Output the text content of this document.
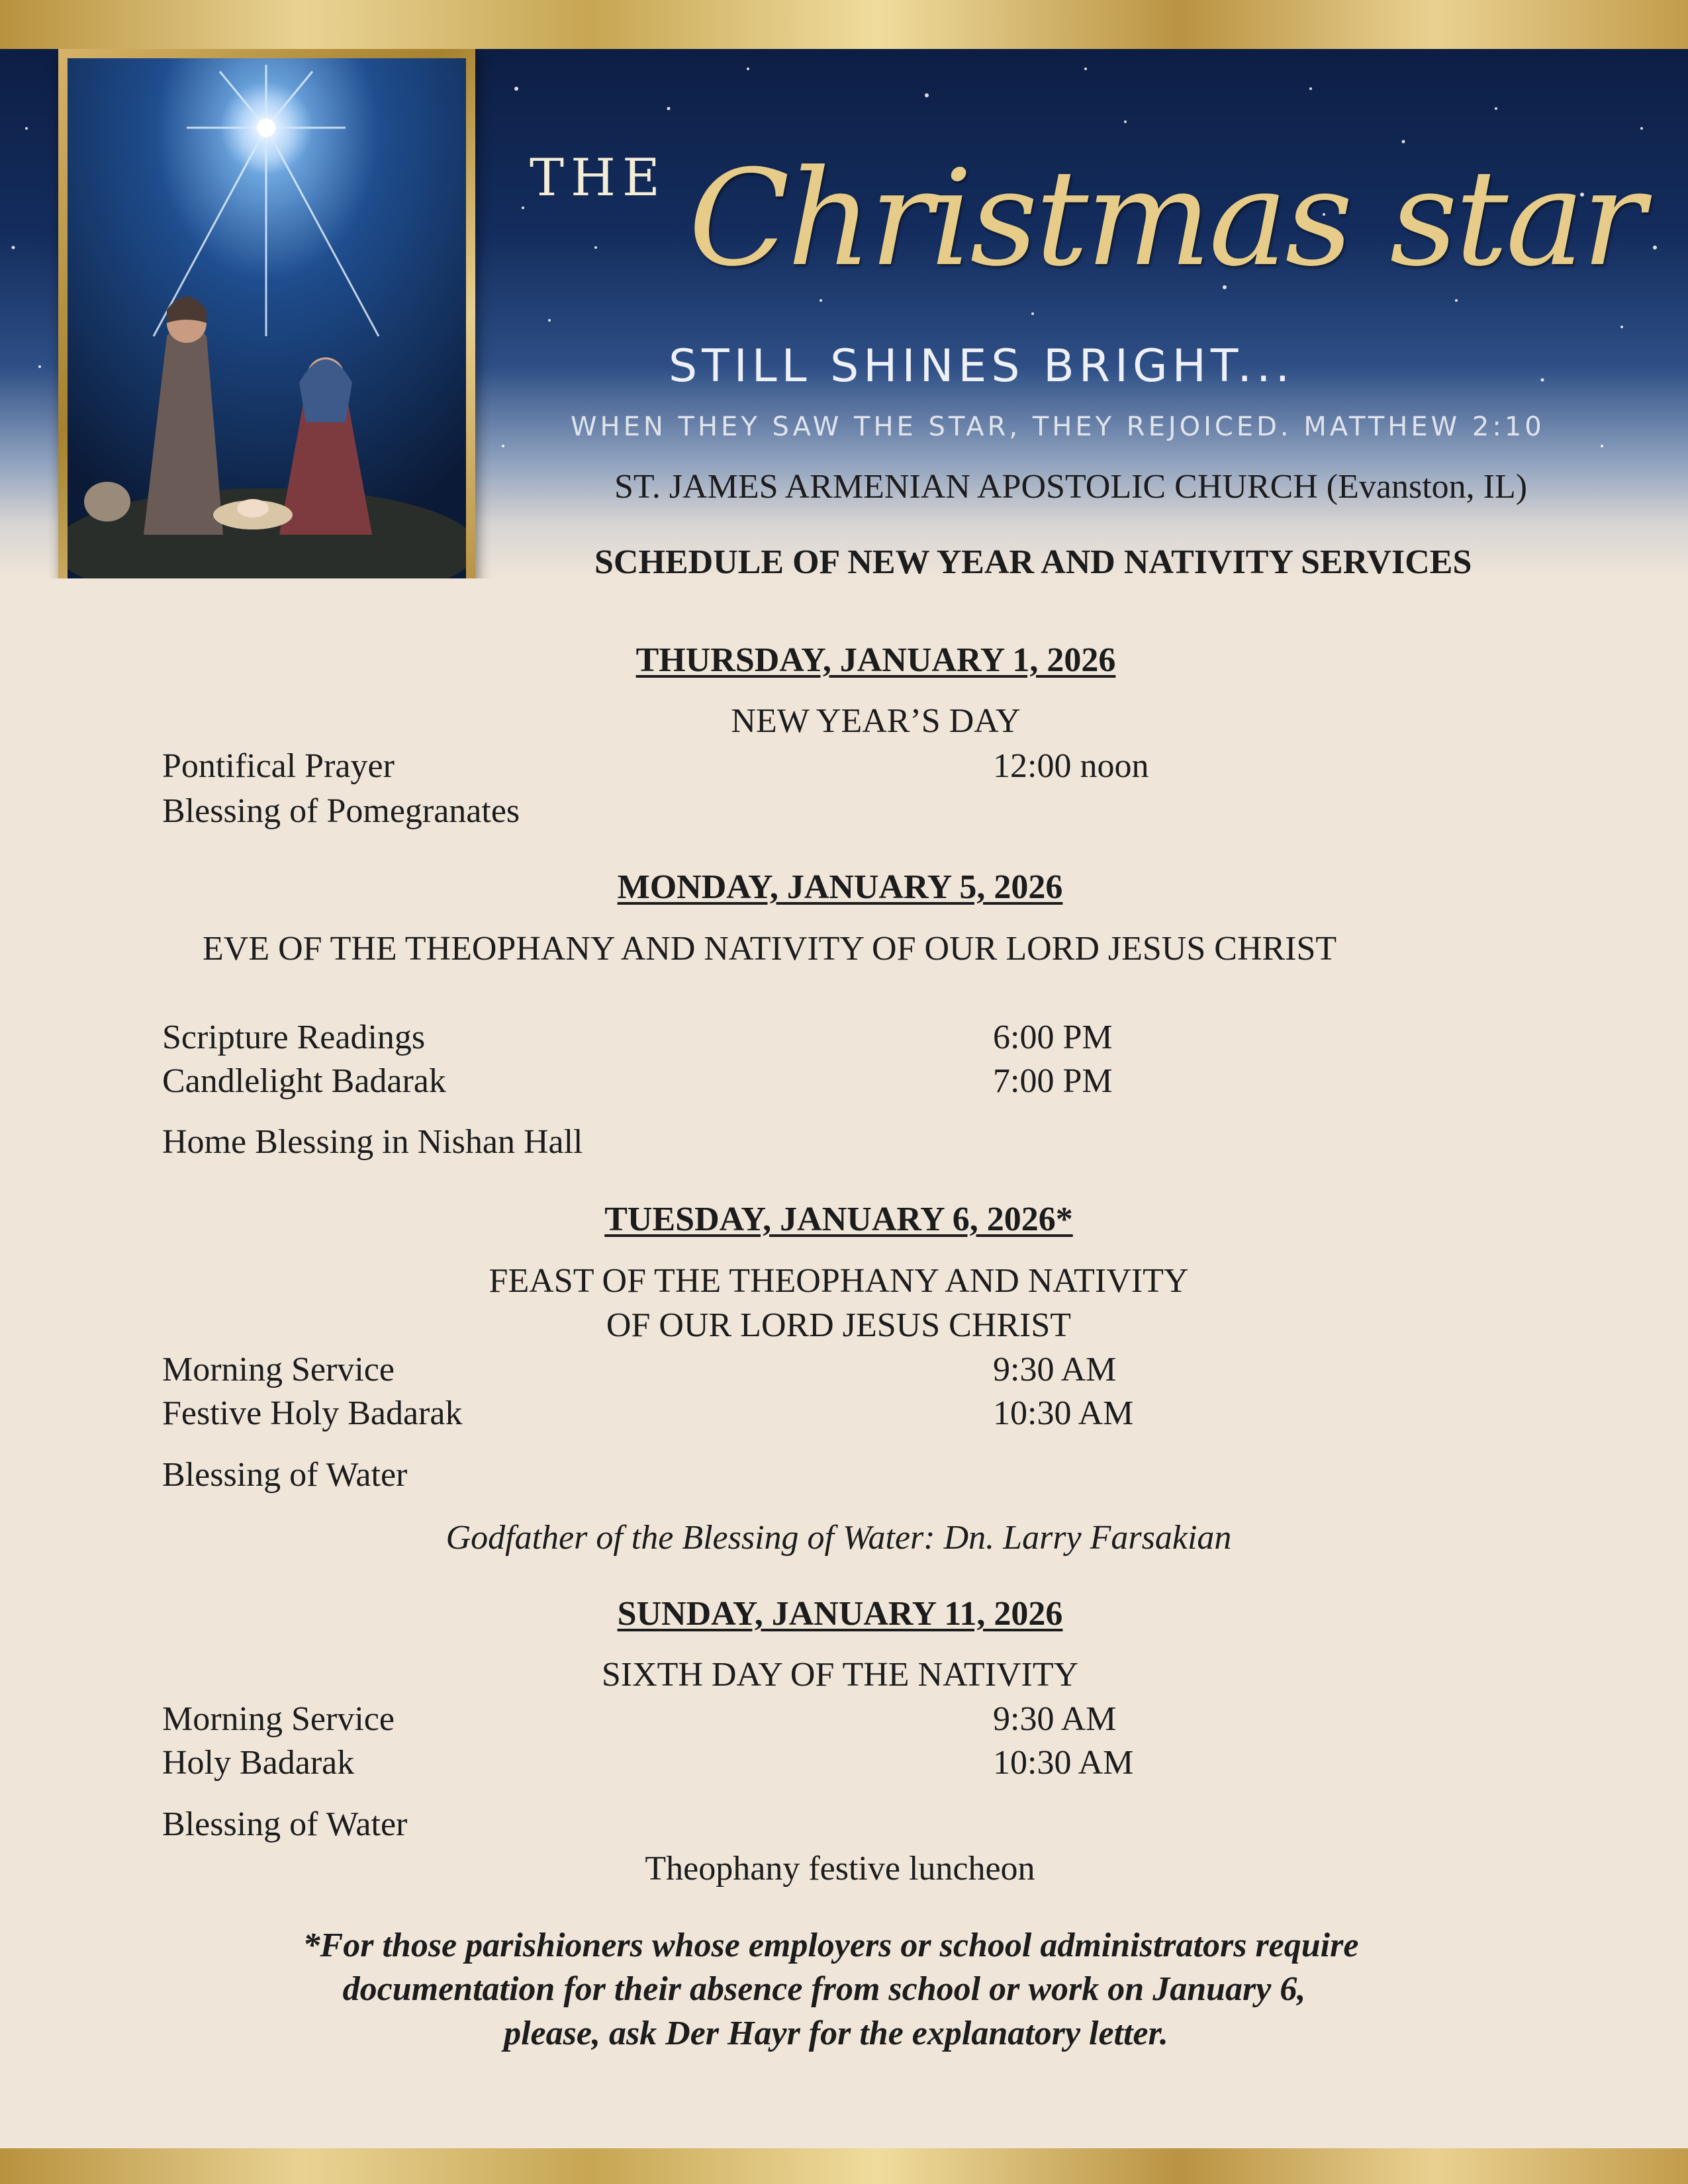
THE Christmas star
STILL SHINES BRIGHT...
WHEN THEY SAW THE STAR, THEY REJOICED. MATTHEW 2:10
ST. JAMES ARMENIAN APOSTOLIC CHURCH (Evanston, IL)
SCHEDULE OF NEW YEAR AND NATIVITY SERVICES
THURSDAY, JANUARY 1, 2026
NEW YEAR’S DAY
Pontifical Prayer	12:00 noon
Blessing of Pomegranates
MONDAY, JANUARY 5, 2026
EVE OF THE THEOPHANY AND NATIVITY OF OUR LORD JESUS CHRIST
Scripture Readings	6:00 PM
Candlelight Badarak	7:00 PM
Home Blessing in Nishan Hall
TUESDAY, JANUARY 6, 2026*
FEAST OF THE THEOPHANY AND NATIVITY
OF OUR LORD JESUS CHRIST
Morning Service	9:30 AM
Festive Holy Badarak	10:30 AM
Blessing of Water
Godfather of the Blessing of Water: Dn. Larry Farsakian
SUNDAY, JANUARY 11, 2026
SIXTH DAY OF THE NATIVITY
Morning Service	9:30 AM
Holy Badarak	10:30 AM
Blessing of Water
Theophany festive luncheon
*For those parishioners whose employers or school administrators require
documentation for their absence from school or work on January 6,
please, ask Der Hayr for the explanatory letter.
